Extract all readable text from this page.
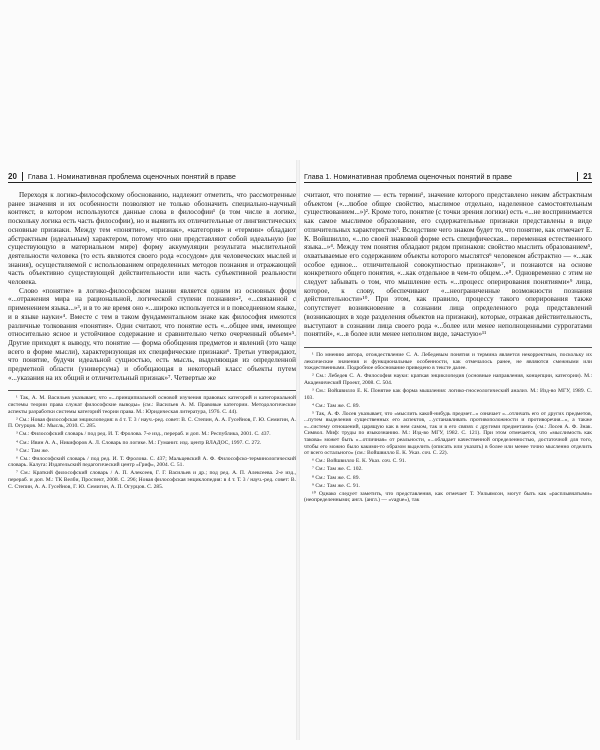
20 Глава 1. Номинативная проблема оценочных понятий в праве

Переходя к логико-философскому обоснованию, надлежит отметить, что рассмотренные ранее значения и их особенности позволяют не только обозначить специально-научный контекст, в котором используются данные слова в философии¹ (в том числе в логике, поскольку логика есть часть философии), но и выявить их отличительные от лингвистических основные признаки. Между тем «понятие», «признак», «категория» и «термин» обладают абстрактным (идеальным) характером, потому что они представляют собой идеальную (не существующую в материальном мире) форму аккумуляции результата мыслительной деятельности человека (то есть являются своего рода «сосудом» для человеческих мыслей и знания), осуществляемой с использованием определенных методов познания и отражающей часть объективно существующей действительности или часть субъективной реальности человека.

Слово «понятие» в логико-философском знании является одним из основных форм «...отражения мира на рациональной, логической ступени познания»², «...связанной с применением языка...»³, и в то же время оно «...широко используется и в повседневном языке, и в языке науки»⁴. Вместе с тем в таком фундаментальном знаке как философия имеются различные толкования «понятия». Одни считают, что понятие есть «...общее имя, имеющее относительно ясное и устойчивое содержание и сравнительно четко очерченный объем»⁵. Другие приходят к выводу, что понятие — форма обобщения предметов и явлений (это чаще всего в форме мысли), характеризующая их специфические признаки⁶. Третьи утверждают, что понятие, будучи идеальной сущностью, есть мысль, выделяющая из определенной предметной области (универсума) и обобщающая в некоторый класс объекты путем «...указания на их общий и отличительный признак»⁷. Четвертые же

¹ Так, А. М. Васильев указывает, что «...принципиальной основой изучения правовых категорий и категориальной системы теории права служат философские выводы» (см.: Васильев А. М. Правовые категории. Методологические аспекты разработки системы категорий теории права. М.: Юридическая литература, 1976. С. 44).

² См.: Новая философская энциклопедия: в 4 т. Т. 3 / науч.-ред. совет: В. С. Степин, А. А. Гусейнов, Г. Ю. Семигин, А. П. Огурцов. М.: Мысль, 2010. С. 285.

³ См.: Философский словарь / под ред. И. Т. Фролова. 7-е изд., перераб. и доп. М.: Республика, 2001. С. 437.

⁴ См.: Ивин А. А., Никифоров А. Л. Словарь по логике. М.: Гуманит. изд. центр ВЛАДОС, 1997. С. 272.

⁵ См.: Там же.

⁶ См.: Философский словарь / под ред. И. Т. Фролова. С. 437; Мальцевский А. Ф. Философско-терминологический словарь. Калуга: Издательский педагогический центр «Гриф», 2004. С. 51.

⁷ См.: Краткий философский словарь / А. П. Алексеев, Г. Г. Васильев и др.; под ред. А. П. Алексеева. 2-е изд., перераб. и доп. М.: ТК Велби, Проспект, 2008. С. 296; Новая философская энциклопедия: в 4 т. Т. 3 / науч.-ред. совет: В. С. Степин, А. А. Гусейнов, Г. Ю. Семигин, А. П. Огурцов. С. 285.

Глава 1. Номинативная проблема оценочных понятий в праве	21

считают, что понятие — есть термин¹, значение которого представлено неким абстрактным объектом («...любое общее свойство, мыслимое отдельно, наделенное самостоятельным существованием...»)². Кроме того, понятие (с точки зрения логики) есть «...не воспринимается как самое мыслимое образование, его содержательные признаки представлены в виде отличительных характеристик³. Вследствие чего знаком будет то, что понятие, как отмечает Е. К. Войшвилло, «...по своей знаковой форме есть специфическая... переменная естественного языка...»⁴. Между тем понятия обладают рядом признаков: свойство мыслить образованием⁵, охватываемые его содержанием объекты которого мыслятся⁶ человеком абстрактно — «...как особое единое... отличительной совокупностью признаков»⁷, и познаются на основе конкретного общего понятия, «...как отдельное в чем-то общем...»⁸. Одновременно с этим не следует забывать о том, что мышление есть «...процесс оперирования понятиями»⁹ лица, которое, к слову, обеспечивают «...неограниченные возможности познания действительности»¹⁰. При этом, как правило, процессу такого оперирования также сопутствует возникновение в сознании лица определенного рода представлений (возникающих в ходе разделения объектов на признаки), которые, отражая действительность, выступают в сознании лица своего рода «...более или менее неполноценными суррогатами понятий», «...в более или менее неполном виде, зачастую»¹¹

¹ По мнению автора, отождествление С. А. Лебедевым понятия и термина является некорректным, поскольку их лексические значения и функциональные особенности, как отмечалось ранее, не являются смежными или тождественными. Подробное обоснование приведено в тексте далее.

² См.: Лебедев С. А. Философия науки: краткая энциклопедия (основные направления, концепции, категории). М.: Академический Проект, 2008. С. 504.

³ См.: Войшвилло Е. К. Понятие как форма мышления: логико-гносеологический анализ. М.: Изд-во МГУ, 1989. С. 103.

⁴ См.: Там же. С. 89.

⁵ Так, А. Ф. Лосев указывает, что «мыслить какой-нибудь предмет...» означает «...отличать его от других предметов, ...путем выделения существенных его аспектов, ...устанавливать противоположности и противоречия...», а также «...систему отношений, царящую как в нем самом, так и в его связях с другими предметами» (см.: Лосев А. Ф. Знак. Символ. Миф: труды по языкознанию. М.: Изд-во МГУ, 1982. С. 121). При этом отмечается, что «мыслимость как такова» может быть «...отличная» от реальности, «...обладает качественной определенностью, достаточной для того, чтобы его можно было какими-то образом выделить (описать или указать) в более или менее точно мысленно отделить от всего остального» (см.: Войшвилло Е. К. Указ. соч. С. 22).

⁶ См.: Войшвилло Е. К. Указ. соч. С. 91.

⁷ См.: Там же. С. 102.

⁸ См.: Там же. С. 89.

⁹ См.: Там же. С. 91.

¹⁰ Однако следует заметить, что представления, как отмечает Т. Уильямсон, могут быть как «расплывчатыми» (неопределенными; англ. (англ.) — «vague»), так
